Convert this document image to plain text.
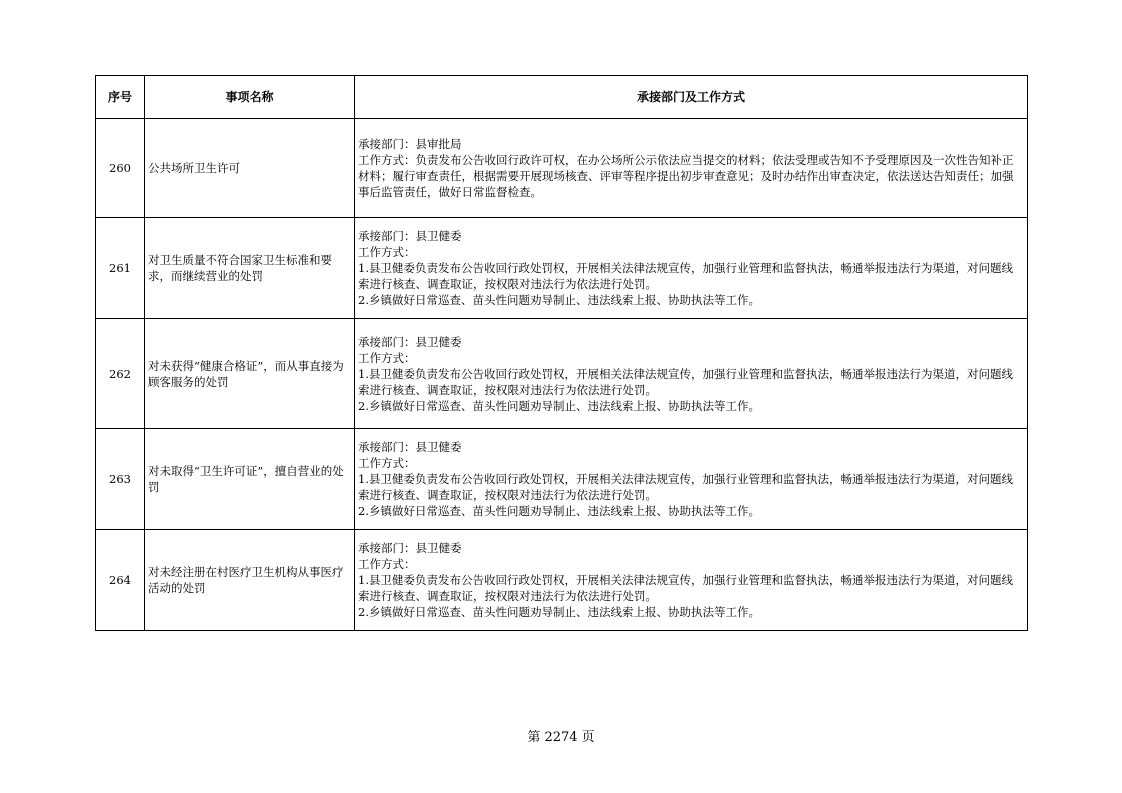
序号	事项名称	承接部门及工作方式
260	公共场所卫生许可	承接部门：县审批局
工作方式：负责发布公告收回行政许可权，在办公场所公示依法应当提交的材料；依法受理或告知不予受理原因及一次性告知补正材料；履行审查责任，根据需要开展现场核查、评审等程序提出初步审查意见；及时办结作出审查决定，依法送达告知责任；加强事后监管责任，做好日常监督检查。

261	对卫生质量不符合国家卫生标准和要求，而继续营业的处罚	承接部门：县卫健委
工作方式：
1.县卫健委负责发布公告收回行政处罚权，开展相关法律法规宣传，加强行业管理和监督执法，畅通举报违法行为渠道，对问题线索进行核查、调查取证，按权限对违法行为依法进行处罚。
2.乡镇做好日常巡查、苗头性问题劝导制止、违法线索上报、协助执法等工作。

262	对未获得“健康合格证”，而从事直接为顾客服务的处罚	承接部门：县卫健委
工作方式：
1.县卫健委负责发布公告收回行政处罚权，开展相关法律法规宣传，加强行业管理和监督执法，畅通举报违法行为渠道，对问题线索进行核查、调查取证，按权限对违法行为依法进行处罚。
2.乡镇做好日常巡查、苗头性问题劝导制止、违法线索上报、协助执法等工作。

263	对未取得“卫生许可证”，擅自营业的处罚	承接部门：县卫健委
工作方式：
1.县卫健委负责发布公告收回行政处罚权，开展相关法律法规宣传，加强行业管理和监督执法，畅通举报违法行为渠道，对问题线索进行核查、调查取证，按权限对违法行为依法进行处罚。
2.乡镇做好日常巡查、苗头性问题劝导制止、违法线索上报、协助执法等工作。

264	对未经注册在村医疗卫生机构从事医疗活动的处罚	承接部门：县卫健委
工作方式：
1.县卫健委负责发布公告收回行政处罚权，开展相关法律法规宣传，加强行业管理和监督执法，畅通举报违法行为渠道，对问题线索进行核查、调查取证，按权限对违法行为依法进行处罚。
2.乡镇做好日常巡查、苗头性问题劝导制止、违法线索上报、协助执法等工作。
第 2274 页
